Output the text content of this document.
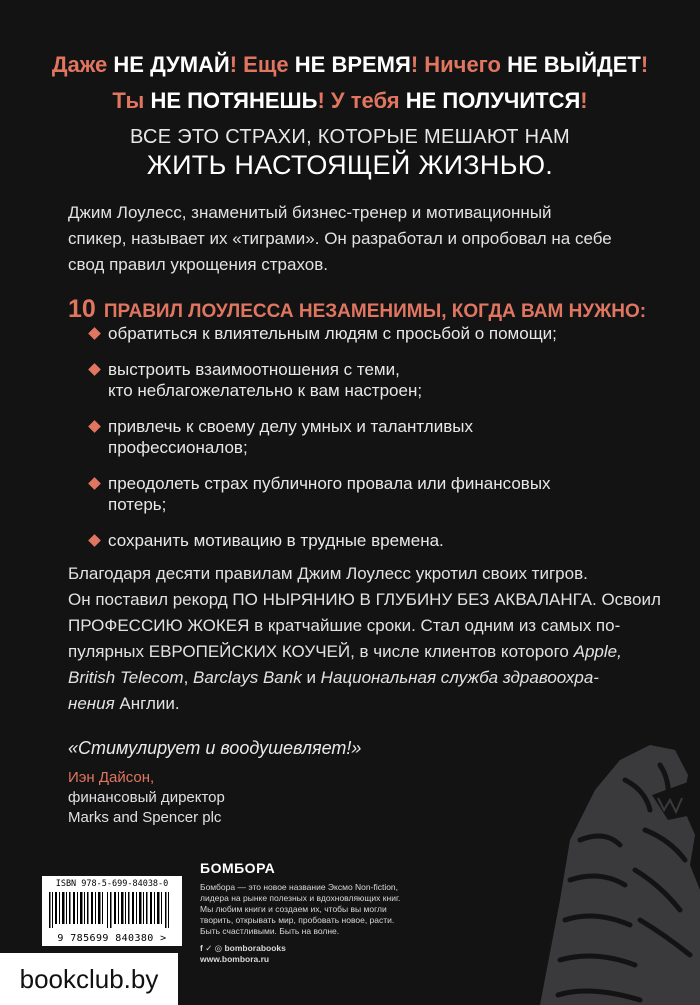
Даже НЕ ДУМАЙ! Еще НЕ ВРЕМЯ! Ничего НЕ ВЫЙДЕТ!
Ты НЕ ПОТЯНЕШЬ! У тебя НЕ ПОЛУЧИТСЯ!
ВСЕ ЭТО СТРАХИ, КОТОРЫЕ МЕШАЮТ НАМ
ЖИТЬ НАСТОЯЩЕЙ ЖИЗНЬЮ.
Джим Лоулесс, знаменитый бизнес-тренер и мотивационный
спикер, называет их «тиграми». Он разработал и опробовал на себе
свод правил укрощения страхов.
10 ПРАВИЛ ЛОУЛЕССА НЕЗАМЕНИМЫ, КОГДА ВАМ НУЖНО:
обратиться к влиятельным людям с просьбой о помощи;
выстроить взаимоотношения с теми,
кто неблагожелательно к вам настроен;
привлечь к своему делу умных и талантливых
профессионалов;
преодолеть страх публичного провала или финансовых
потерь;
сохранить мотивацию в трудные времена.
Благодаря десяти правилам Джим Лоулесс укротил своих тигров.
Он поставил рекорд ПО НЫРЯНИЮ В ГЛУБИНУ БЕЗ АКВАЛАНГА. Освоил
ПРОФЕССИЮ ЖОКЕЯ в кратчайшие сроки. Стал одним из самых по-
пулярных ЕВРОПЕЙСКИХ КОУЧЕЙ, в числе клиентов которого Apple,
British Telecom, Barclays Bank и Национальная служба здравоохра-
нения Англии.
«Стимулирует и воодушевляет!»
Иэн Дайсон,
финансовый директор
Marks and Spencer plc
ISBN 978-5-699-84038-0
9 785699 840380 >
БОМБОРА
Бомбора — это новое название Эксмо Non-fiction,
лидера на рынке полезных и вдохновляющих книг.
Мы любим книги и создаем их, чтобы вы могли
творить, открывать мир, пробовать новое, расти.
Быть счастливыми. Быть на волне.
f ✓ ◎ bomborabooks
www.bombora.ru
bookclub.by
